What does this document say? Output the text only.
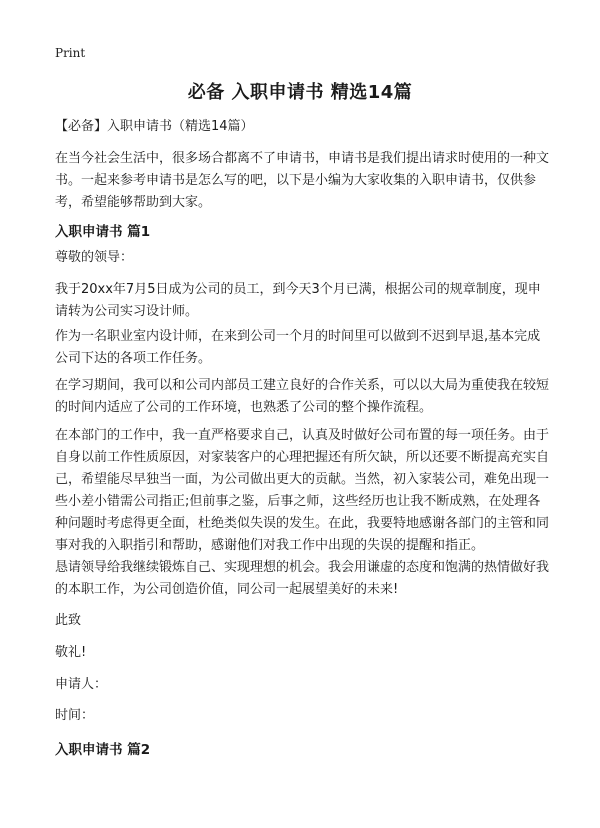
Print
必备 入职申请书 精选14篇

【必备】入职申请书（精选14篇）

在当今社会生活中，很多场合都离不了申请书，申请书是我们提出请求时使用的一种文书。一起来参考申请书是怎么写的吧，以下是小编为大家收集的入职申请书，仅供参考，希望能够帮助到大家。

入职申请书 篇1

尊敬的领导：

我于20xx年7月5日成为公司的员工，到今天3个月已满，根据公司的规章制度，现申请转为公司实习设计师。

作为一名职业室内设计师，在来到公司一个月的时间里可以做到不迟到早退,基本完成公司下达的各项工作任务。

在学习期间，我可以和公司内部员工建立良好的合作关系，可以以大局为重使我在较短的时间内适应了公司的工作环境，也熟悉了公司的整个操作流程。

在本部门的工作中，我一直严格要求自己，认真及时做好公司布置的每一项任务。由于自身以前工作性质原因，对家装客户的心理把握还有所欠缺，所以还要不断提高充实自己，希望能尽早独当一面，为公司做出更大的贡献。当然，初入家装公司，难免出现一些小差小错需公司指正;但前事之鉴，后事之师，这些经历也让我不断成熟，在处理各种问题时考虑得更全面，杜绝类似失误的发生。在此，我要特地感谢各部门的主管和同事对我的入职指引和帮助，感谢他们对我工作中出现的失误的提醒和指正。

恳请领导给我继续锻炼自己、实现理想的机会。我会用谦虚的态度和饱满的热情做好我的本职工作，为公司创造价值，同公司一起展望美好的未来!

此致

敬礼!

申请人：

时间：

入职申请书 篇2
